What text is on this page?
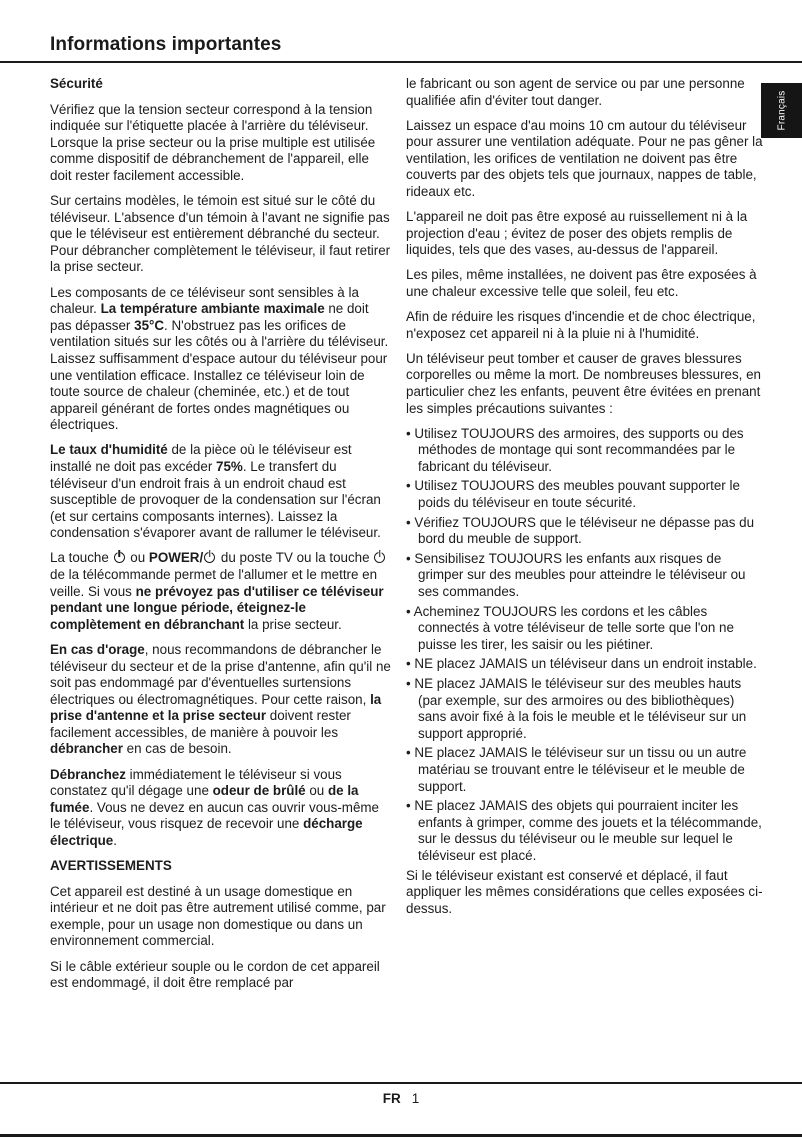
Informations importantes
Français

Sécurité

Vérifiez que la tension secteur correspond à la tension indiquée sur l'étiquette placée à l'arrière du téléviseur. Lorsque la prise secteur ou la prise multiple est utilisée comme dispositif de débranchement de l'appareil, elle doit rester facilement accessible.

Sur certains modèles, le témoin est situé sur le côté du téléviseur. L'absence d'un témoin à l'avant ne signifie pas que le téléviseur est entièrement débranché du secteur. Pour débrancher complètement le téléviseur, il faut retirer la prise secteur.

Les composants de ce téléviseur sont sensibles à la chaleur. La température ambiante maximale ne doit pas dépasser 35°C. N'obstruez pas les orifices de ventilation situés sur les côtés ou à l'arrière du téléviseur. Laissez suffisamment d'espace autour du téléviseur pour une ventilation efficace. Installez ce téléviseur loin de toute source de chaleur (cheminée, etc.) et de tout appareil générant de fortes ondes magnétiques ou électriques.

Le taux d'humidité de la pièce où le téléviseur est installé ne doit pas excéder 75%. Le transfert du téléviseur d'un endroit frais à un endroit chaud est susceptible de provoquer de la condensation sur l'écran (et sur certains composants internes). Laissez la condensation s'évaporer avant de rallumer le téléviseur.

La touche  ou POWER/ du poste TV ou la touche  de la télécommande permet de l'allumer et le mettre en veille. Si vous ne prévoyez pas d'utiliser ce téléviseur pendant une longue période, éteignez-le complètement en débranchant la prise secteur.

En cas d'orage, nous recommandons de débrancher le téléviseur du secteur et de la prise d'antenne, afin qu'il ne soit pas endommagé par d'éventuelles surtensions électriques ou électromagnétiques. Pour cette raison, la prise d'antenne et la prise secteur doivent rester facilement accessibles, de manière à pouvoir les débrancher en cas de besoin.

Débranchez immédiatement le téléviseur si vous constatez qu'il dégage une odeur de brûlé ou de la fumée. Vous ne devez en aucun cas ouvrir vous-même le téléviseur, vous risquez de recevoir une décharge électrique.

AVERTISSEMENTS

Cet appareil est destiné à un usage domestique en intérieur et ne doit pas être autrement utilisé comme, par exemple, pour un usage non domestique ou dans un environnement commercial.

Si le câble extérieur souple ou le cordon de cet appareil est endommagé, il doit être remplacé par

le fabricant ou son agent de service ou par une personne qualifiée afin d'éviter tout danger.

Laissez un espace d'au moins 10 cm autour du téléviseur pour assurer une ventilation adéquate. Pour ne pas gêner la ventilation, les orifices de ventilation ne doivent pas être couverts par des objets tels que journaux, nappes de table, rideaux etc.

L'appareil ne doit pas être exposé au ruissellement ni à la projection d'eau ; évitez de poser des objets remplis de liquides, tels que des vases, au-dessus de l'appareil.

Les piles, même installées, ne doivent pas être exposées à une chaleur excessive telle que soleil, feu etc.

Afin de réduire les risques d'incendie et de choc électrique, n'exposez cet appareil ni à la pluie ni à l'humidité.

Un téléviseur peut tomber et causer de graves blessures corporelles ou même la mort. De nombreuses blessures, en particulier chez les enfants, peuvent être évitées en prenant les simples précautions suivantes :

• Utilisez TOUJOURS des armoires, des supports ou des méthodes de montage qui sont recommandées par le fabricant du téléviseur.

• Utilisez TOUJOURS des meubles pouvant supporter le poids du téléviseur en toute sécurité.

• Vérifiez TOUJOURS que le téléviseur ne dépasse pas du bord du meuble de support.

• Sensibilisez TOUJOURS les enfants aux risques de grimper sur des meubles pour atteindre le téléviseur ou ses commandes.

• Acheminez TOUJOURS les cordons et les câbles connectés à votre téléviseur de telle sorte que l'on ne puisse les tirer, les saisir ou les piétiner.

• NE placez JAMAIS un téléviseur dans un endroit instable.

• NE placez JAMAIS le téléviseur sur des meubles hauts (par exemple, sur des armoires ou des bibliothèques) sans avoir fixé à la fois le meuble et le téléviseur sur un support approprié.

• NE placez JAMAIS le téléviseur sur un tissu ou un autre matériau se trouvant entre le téléviseur et le meuble de support.

• NE placez JAMAIS des objets qui pourraient inciter les enfants à grimper, comme des jouets et la télécommande, sur le dessus du téléviseur ou le meuble sur lequel le téléviseur est placé.

Si le téléviseur existant est conservé et déplacé, il faut appliquer les mêmes considérations que celles exposées ci-dessus.

FR 1
